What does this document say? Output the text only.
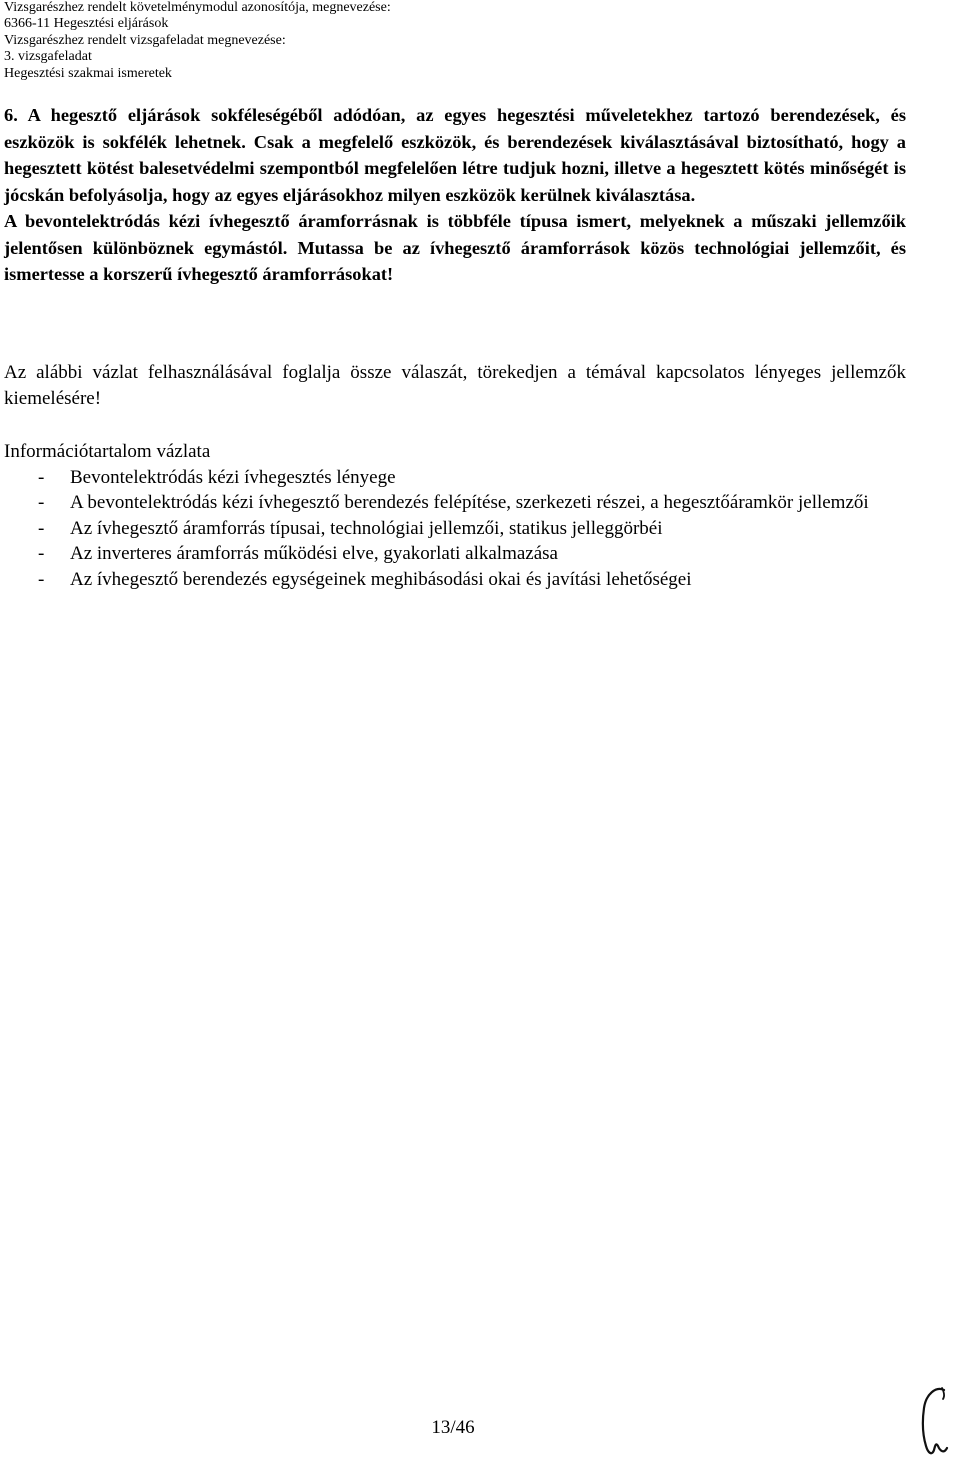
Vizsgarészhez rendelt követelménymodul azonosítója, megnevezése:
6366-11 Hegesztési eljárások
Vizsgarészhez rendelt vizsgafeladat megnevezése:
3. vizsgafeladat
Hegesztési szakmai ismeretek

6. A hegesztő eljárások sokféleségéből adódóan, az egyes hegesztési műveletekhez tartozó berendezések, és eszközök is sokfélék lehetnek. Csak a megfelelő eszközök, és berendezések kiválasztásával biztosítható, hogy a hegesztett kötést balesetvédelmi szempontból megfelelően létre tudjuk hozni, illetve a hegesztett kötés minőségét is jócskán befolyásolja, hogy az egyes eljárásokhoz milyen eszközök kerülnek kiválasztása.

A bevontelektródás kézi ívhegesztő áramforrásnak is többféle típusa ismert, melyeknek a műszaki jellemzőik jelentősen különböznek egymástól. Mutassa be az ívhegesztő áramforrások közös technológiai jellemzőit, és ismertesse a korszerű ívhegesztő áramforrásokat!

Az alábbi vázlat felhasználásával foglalja össze válaszát, törekedjen a témával kapcsolatos lényeges jellemzők kiemelésére!

Információtartalom vázlata
- Bevontelektródás kézi ívhegesztés lényege
- A bevontelektródás kézi ívhegesztő berendezés felépítése, szerkezeti részei, a hegesztőáramkör jellemzői
- Az ívhegesztő áramforrás típusai, technológiai jellemzői, statikus jelleggörbéi
- Az inverteres áramforrás működési elve, gyakorlati alkalmazása
- Az ívhegesztő berendezés egységeinek meghibásodási okai és javítási lehetőségei
13/46
